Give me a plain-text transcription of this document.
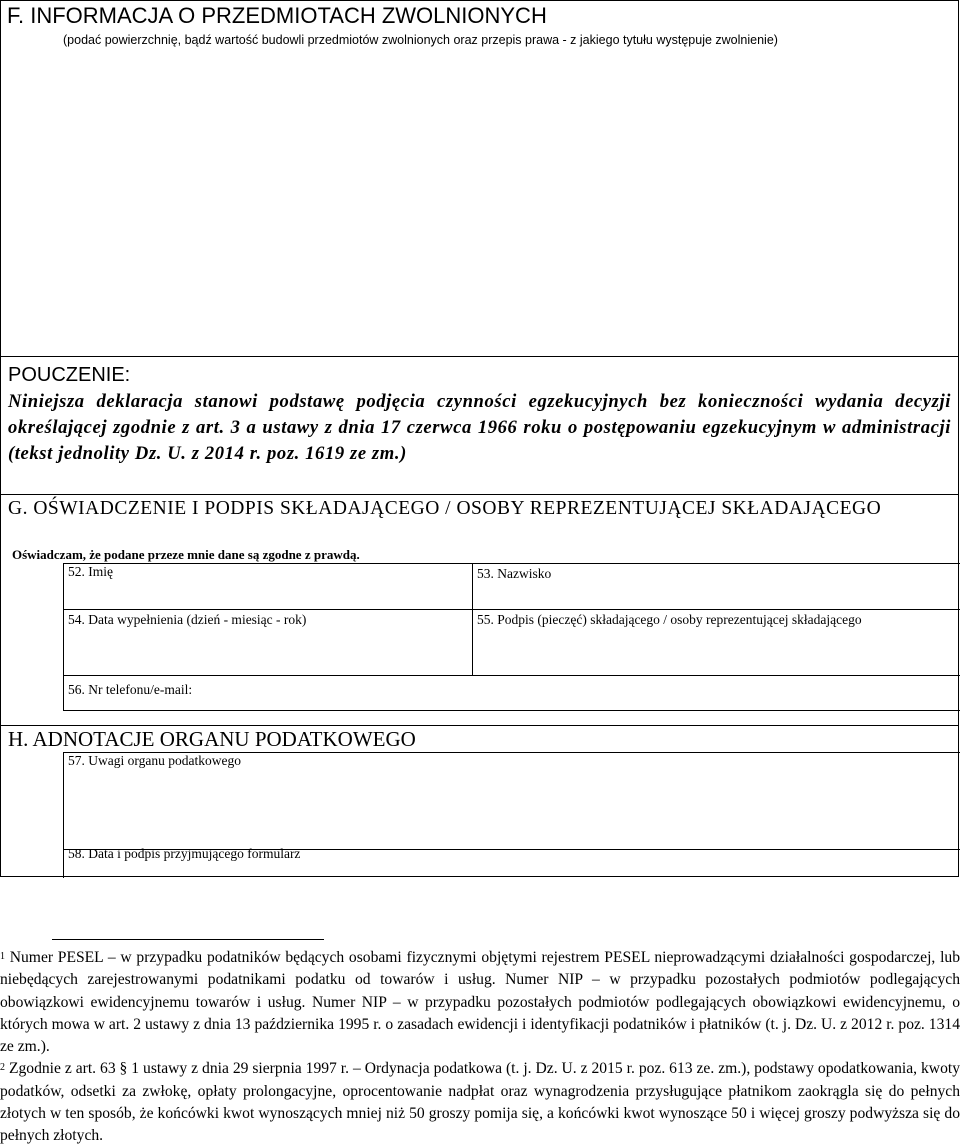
F. INFORMACJA O PRZEDMIOTACH ZWOLNIONYCH
(podać powierzchnię, bądź wartość budowli przedmiotów zwolnionych oraz przepis prawa - z jakiego tytułu występuje zwolnienie)
POUCZENIE:
Niniejsza deklaracja stanowi podstawę podjęcia czynności egzekucyjnych bez konieczności wydania decyzji określającej zgodnie z art. 3 a ustawy z dnia 17 czerwca 1966 roku o postępowaniu egzekucyjnym w administracji (tekst jednolity Dz. U. z 2014 r. poz. 1619 ze zm.)
G. OŚWIADCZENIE I PODPIS SKŁADAJĄCEGO / OSOBY REPREZENTUJĄCEJ SKŁADAJĄCEGO
Oświadczam, że podane przeze mnie dane są zgodne z prawdą.
52. Imię	53. Nazwisko
54. Data wypełnienia (dzień - miesiąc - rok)	55. Podpis (pieczęć) składającego / osoby reprezentującej składającego
56. Nr telefonu/e-mail:
H. ADNOTACJE ORGANU PODATKOWEGO
57. Uwagi organu podatkowego
58. Data i podpis przyjmującego formularz

$^1$ Numer PESEL – w przypadku podatników będących osobami fizycznymi objętymi rejestrem PESEL nieprowadzącymi działalności gospodarczej, lub niebędących zarejestrowanymi podatnikami podatku od towarów i usług. Numer NIP – w przypadku pozostałych podmiotów podlegających obowiązkowi ewidencyjnemu towarów i usług. Numer NIP – w przypadku pozostałych podmiotów podlegających obowiązkowi ewidencyjnemu, o których mowa w art. 2 ustawy z dnia 13 października 1995 r. o zasadach ewidencji i identyfikacji podatników i płatników (t. j. Dz. U. z 2012 r. poz. 1314 ze zm.).

$^2$ Zgodnie z art. 63 § 1 ustawy z dnia 29 sierpnia 1997 r. – Ordynacja podatkowa (t. j. Dz. U. z 2015 r. poz. 613 ze. zm.), podstawy opodatkowania, kwoty podatków, odsetki za zwłokę, opłaty prolongacyjne, oprocentowanie nadpłat oraz wynagrodzenia przysługujące płatnikom zaokrągla się do pełnych złotych w ten sposób, że końcówki kwot wynoszących mniej niż 50 groszy pomija się, a końcówki kwot wynoszące 50 i więcej groszy podwyższa się do pełnych złotych.
